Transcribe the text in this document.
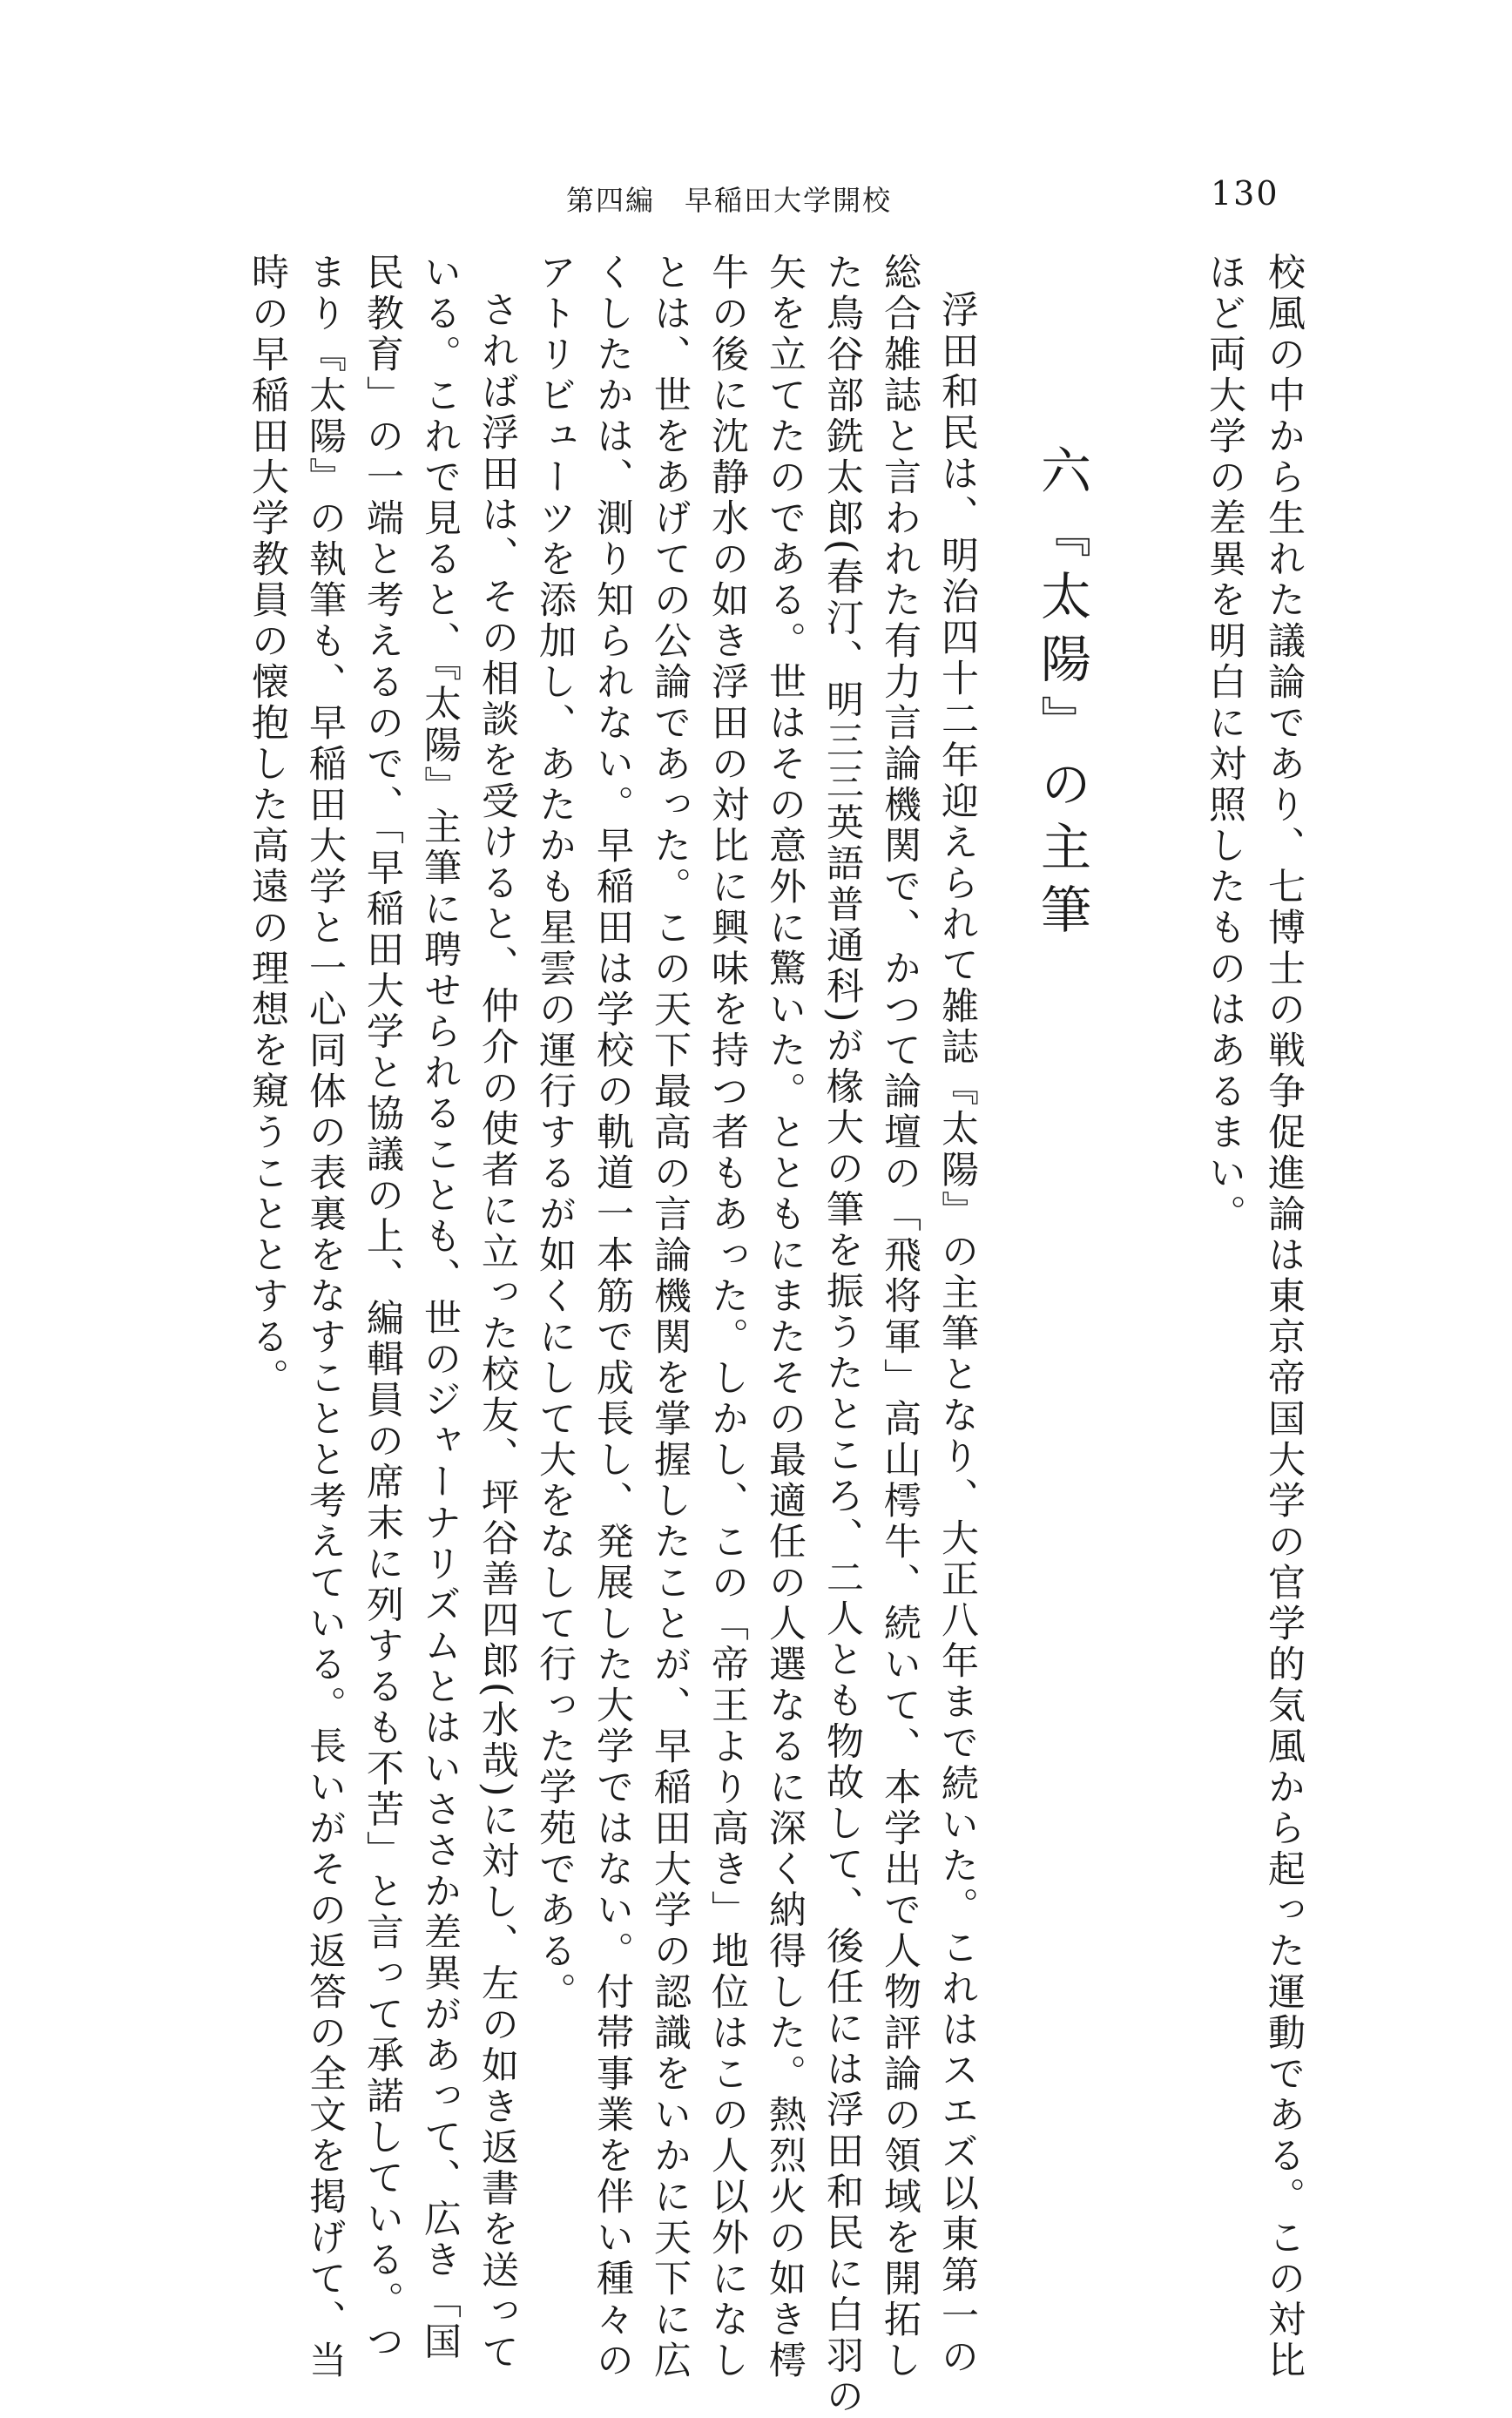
130
第四編　早稲田大学開校
校風の中から生れた議論であり、七博士の戦争促進論は東京帝国大学の官学的気風から起った運動である。この対比
ほど両大学の差異を明白に対照したものはあるまい。
六『太陽』の主筆
浮田和民は、明治四十二年迎えられて雑誌『太陽』の主筆となり、大正八年まで続いた。これはスエズ以東第一の
総合雑誌と言われた有力言論機関で、かつて論壇の「飛将軍」高山樗牛、続いて、本学出で人物評論の領域を開拓し
た鳥谷部銑太郎(春汀、明三三英語普通科)が椽大の筆を振うたところ、二人とも物故して、後任には浮田和民に白羽の
矢を立てたのである。世はその意外に驚いた。とともにまたその最適任の人選なるに深く納得した。熱烈火の如き樗
牛の後に沈静水の如き浮田の対比に興味を持つ者もあった。しかし、この「帝王より高き」地位はこの人以外になし
とは、世をあげての公論であった。この天下最高の言論機関を掌握したことが、早稲田大学の認識をいかに天下に広
くしたかは、測り知られない。早稲田は学校の軌道一本筋で成長し、発展した大学ではない。付帯事業を伴い種々の
アトリビューツを添加し、あたかも星雲の運行するが如くにして大をなして行った学苑である。
されば浮田は、その相談を受けると、仲介の使者に立った校友、坪谷善四郎(水哉)に対し、左の如き返書を送って
いる。これで見ると、『太陽』主筆に聘せられることも、世のジャーナリズムとはいささか差異があって、広き「国
民教育」の一端と考えるので、「早稲田大学と協議の上、編輯員の席末に列するも不苦」と言って承諾している。つ
まり『太陽』の執筆も、早稲田大学と一心同体の表裏をなすことと考えている。長いがその返答の全文を掲げて、当
時の早稲田大学教員の懐抱した高遠の理想を窺うこととする。
